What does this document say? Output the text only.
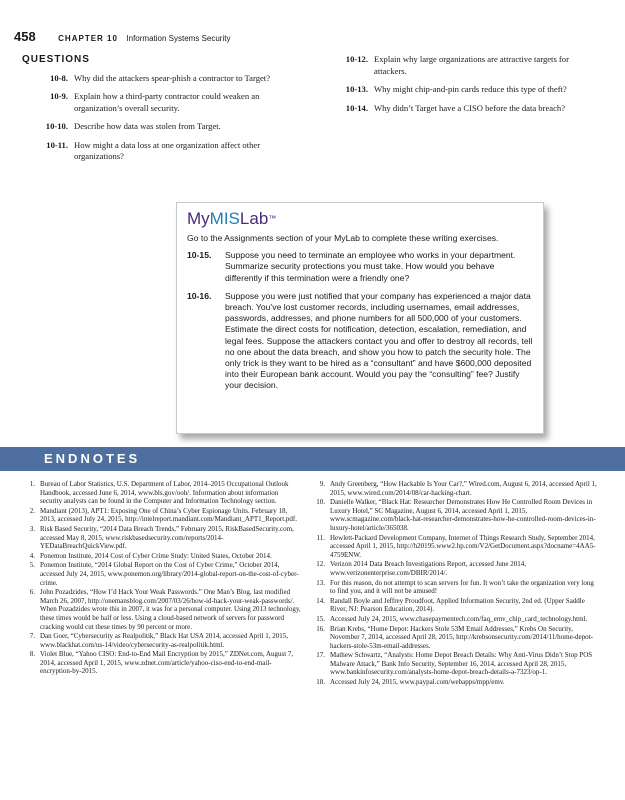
458	CHAPTER 10 Information Systems Security
QUESTIONS
10-8. Why did the attackers spear-phish a contractor to Target?
10-9. Explain how a third-party contractor could weaken an organization’s overall security.
10-10. Describe how data was stolen from Target.
10-11. How might a data loss at one organization affect other organizations?
10-12. Explain why large organizations are attractive targets for attackers.
10-13. Why might chip-and-pin cards reduce this type of theft?
10-14. Why didn’t Target have a CISO before the data breach?
MyMISLab™
Go to the Assignments section of your MyLab to complete these writing exercises.
10-15.	Suppose you need to terminate an employee who works in your department. Summarize security protections you must take. How would you behave differently if this termination were a friendly one?
10-16.	Suppose you were just notified that your company has experienced a major data breach. You’ve lost customer records, including usernames, email addresses, passwords, addresses, and phone numbers for all 500,000 of your customers. Estimate the direct costs for notification, detection, escalation, remediation, and legal fees. Suppose the attackers contact you and offer to destroy all records, tell no one about the data breach, and show you how to patch the security hole. The only trick is they want to be hired as a “consultant” and have $600,000 deposited into their European bank account. Would you pay the “consulting” fee? Justify your decision.
ENDNOTES
1. Bureau of Labor Statistics, U.S. Department of Labor, 2014–2015 Occupational Outlook Handbook, accessed June 6, 2014, www.bls.gov/ooh/. Information about information security analysts can be found in the Computer and Information Technology section.
2. Mandiant (2013), APT1: Exposing One of China’s Cyber Espionage Units. February 18, 2013, accessed July 24, 2015, http://intelreport.mandiant.com/Mandiant_APT1_Report.pdf.
3. Risk Based Security, “2014 Data Breach Trends,” February 2015, RiskBasedSecurity.com, accessed May 8, 2015, www.riskbasedsecurity.com/reports/2014-YEDataBreachQuickView.pdf.
4. Ponemon Institute, 2014 Cost of Cyber Crime Study: United States, October 2014.
5. Ponemon Institute, “2014 Global Report on the Cost of Cyber Crime,” October 2014, accessed July 24, 2015, www.ponemon.org/library/2014-global-report-on-the-cost-of-cyber-crime.
6. John Pozadzides, “How I’d Hack Your Weak Passwords.” One Man’s Blog, last modified March 26, 2007, http://onemansblog.com/2007/03/26/how-id-hack-your-weak-passwords/. When Pozadzides wrote this in 2007, it was for a personal computer. Using 2013 technology, these times would be half or less. Using a cloud-based network of servers for password cracking would cut these times by 90 percent or more.
7. Dan Goer, “Cybersecurity as Realpolitik,” Black Hat USA 2014, accessed April 1, 2015, www.blackhat.com/us-14/video/cybersecurity-as-realpolitik.html.
8. Violet Blue, “Yahoo CISO: End-to-End Mail Encryption by 2015,” ZDNet.com, August 7, 2014, accessed April 1, 2015, www.zdnet.com/article/yahoo-ciso-end-to-end-mail-encryption-by-2015.
9. Andy Greenberg, “How Hackable Is Your Car?,” Wired.com, August 6, 2014, accessed April 1, 2015, www.wired.com/2014/08/car-hacking-chart.
10. Danielle Walker, “Black Hat: Researcher Demonstrates How He Controlled Room Devices in Luxury Hotel,” SC Magazine, August 6, 2014, accessed April 1, 2015, www.scmagazine.com/black-hat-researcher-demonstrates-how-he-controlled-room-devices-in-luxury-hotel/article/365038.
11. Hewlett-Packard Development Company, Internet of Things Research Study, September 2014, accessed April 1, 2015, http://h20195.www2.hp.com/V2/GetDocument.aspx?docname=4AA5-4759ENW.
12. Verizon 2014 Data Breach Investigations Report, accessed June 2014, www.verizonenterprise.com/DBIR/2014/.
13. For this reason, do not attempt to scan servers for fun. It won’t take the organization very long to find you, and it will not be amused!
14. Randall Boyle and Jeffrey Proudfoot, Applied Information Security, 2nd ed. (Upper Saddle River, NJ: Pearson Education, 2014).
15. Accessed July 24, 2015, www.chasepaymentech.com/faq_emv_chip_card_technology.html.
16. Brian Krebs, “Home Depot: Hackers Stole 53M Email Addresses,” Krebs On Security, November 7, 2014, accessed April 28, 2015, http://krebsonsecurity.com/2014/11/home-depot-hackers-stole-53m-email-addresses.
17. Mathew Schwartz, “Analysts: Home Depot Breach Details: Why Anti-Virus Didn’t Stop POS Malware Attack,” Bank Info Security, September 16, 2014, accessed April 28, 2015, www.bankinfosecurity.com/analysts-home-depot-breach-details-a-7323/op-1.
18. Accessed July 24, 2015, www.paypal.com/webapps/mpp/emv.
